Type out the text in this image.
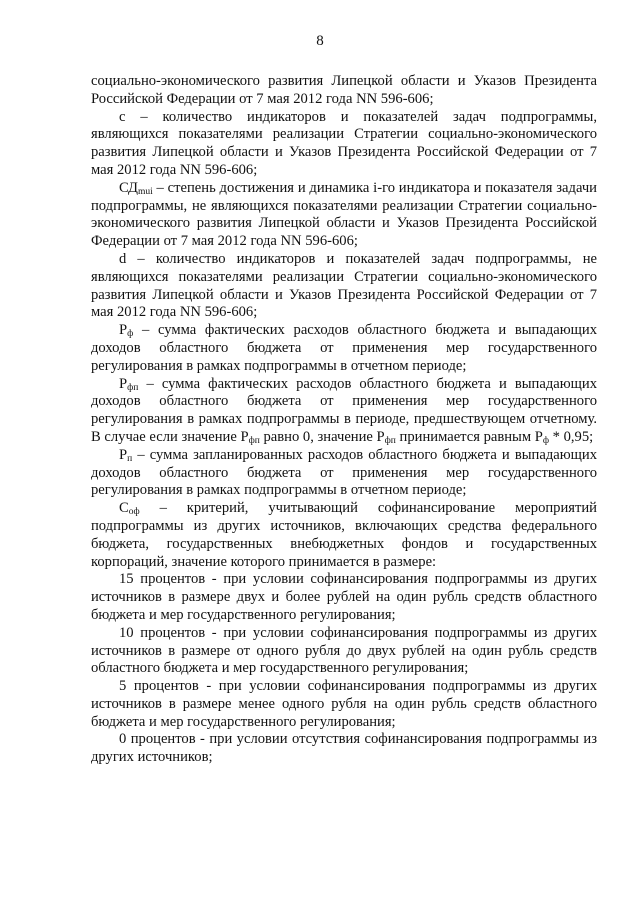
8

социально-экономического развития Липецкой области и Указов Президента Российской Федерации от 7 мая 2012 года NN 596-606;

c – количество индикаторов и показателей задач подпрограммы, являющихся показателями реализации Стратегии социально-экономического развития Липецкой области и Указов Президента Российской Федерации от 7 мая 2012 года NN 596-606;

$СД_{mui}$ – степень достижения и динамика i-го индикатора и показателя задачи подпрограммы, не являющихся показателями реализации Стратегии социально-экономического развития Липецкой области и Указов Президента Российской Федерации от 7 мая 2012 года NN 596-606;

d – количество индикаторов и показателей задач подпрограммы, не являющихся показателями реализации Стратегии социально-экономического развития Липецкой области и Указов Президента Российской Федерации от 7 мая 2012 года NN 596-606;

$Р_ф$ – сумма фактических расходов областного бюджета и выпадающих доходов областного бюджета от применения мер государственного регулирования в рамках подпрограммы в отчетном периоде;

$Р_{фп}$ – сумма фактических расходов областного бюджета и выпадающих доходов областного бюджета от применения мер государственного регулирования в рамках подпрограммы в периоде, предшествующем отчетному. В случае если значение $Р_{фп}$ равно 0, значение $Р_{фп}$ принимается равным $Р_ф * 0,95$;

$Р_п$ – сумма запланированных расходов областного бюджета и выпадающих доходов областного бюджета от применения мер государственного регулирования в рамках подпрограммы в отчетном периоде;

$С_{оф}$ – критерий, учитывающий софинансирование мероприятий подпрограммы из других источников, включающих средства федерального бюджета, государственных внебюджетных фондов и государственных корпораций, значение которого принимается в размере:

15 процентов - при условии софинансирования подпрограммы из других источников в размере двух и более рублей на один рубль средств областного бюджета и мер государственного регулирования;

10 процентов - при условии софинансирования подпрограммы из других источников в размере от одного рубля до двух рублей на один рубль средств областного бюджета и мер государственного регулирования;

5 процентов - при условии софинансирования подпрограммы из других источников в размере менее одного рубля на один рубль средств областного бюджета и мер государственного регулирования;

0 процентов - при условии отсутствия софинансирования подпрограммы из других источников;
